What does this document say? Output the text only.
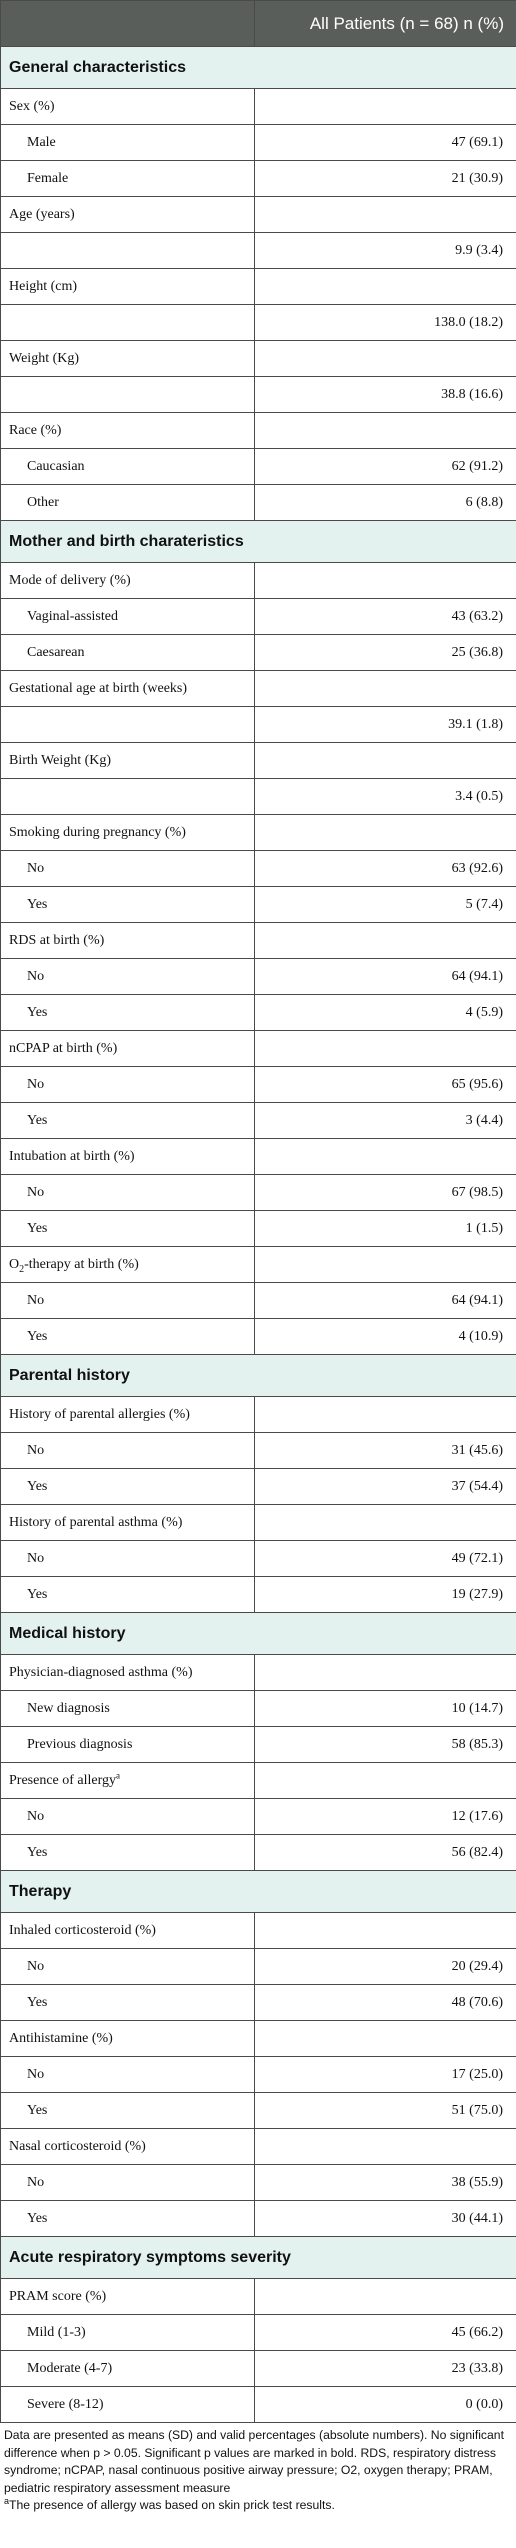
	All Patients (n = 68) n (%)
General characteristics	
Sex (%)	
Male	47 (69.1)
Female	21 (30.9)
Age (years)	
	9.9 (3.4)
Height (cm)	
	138.0 (18.2)
Weight (Kg)	
	38.8 (16.6)
Race (%)	
Caucasian	62 (91.2)
Other	6 (8.8)
Mother and birth charateristics	
Mode of delivery (%)	
Vaginal-assisted	43 (63.2)
Caesarean	25 (36.8)
Gestational age at birth (weeks)	
	39.1 (1.8)
Birth Weight (Kg)	
	3.4 (0.5)
Smoking during pregnancy (%)	
No	63 (92.6)
Yes	5 (7.4)
RDS at birth (%)	
No	64 (94.1)
Yes	4 (5.9)
nCPAP at birth (%)	
No	65 (95.6)
Yes	3 (4.4)
Intubation at birth (%)	
No	67 (98.5)
Yes	1 (1.5)
$O_2$-therapy at birth (%)	
No	64 (94.1)
Yes	4 (10.9)
Parental history	
History of parental allergies (%)	
No	31 (45.6)
Yes	37 (54.4)
History of parental asthma (%)	
No	49 (72.1)
Yes	19 (27.9)
Medical history	
Physician-diagnosed asthma (%)	
New diagnosis	10 (14.7)
Previous diagnosis	58 (85.3)
Presence of allergy$^a$	
No	12 (17.6)
Yes	56 (82.4)
Therapy	
Inhaled corticosteroid (%)	
No	20 (29.4)
Yes	48 (70.6)
Antihistamine (%)	
No	17 (25.0)
Yes	51 (75.0)
Nasal corticosteroid (%)	
No	38 (55.9)
Yes	30 (44.1)
Acute respiratory symptoms severity	
PRAM score (%)	
Mild (1-3)	45 (66.2)
Moderate (4-7)	23 (33.8)
Severe (8-12)	0 (0.0)

Data are presented as means (SD) and valid percentages (absolute numbers). No significant difference when p > 0.05. Significant p values are marked in bold. RDS, respiratory distress syndrome; nCPAP, nasal continuous positive airway pressure; O2, oxygen therapy; PRAM, pediatric respiratory assessment measure

$^a$The presence of allergy was based on skin prick test results.
